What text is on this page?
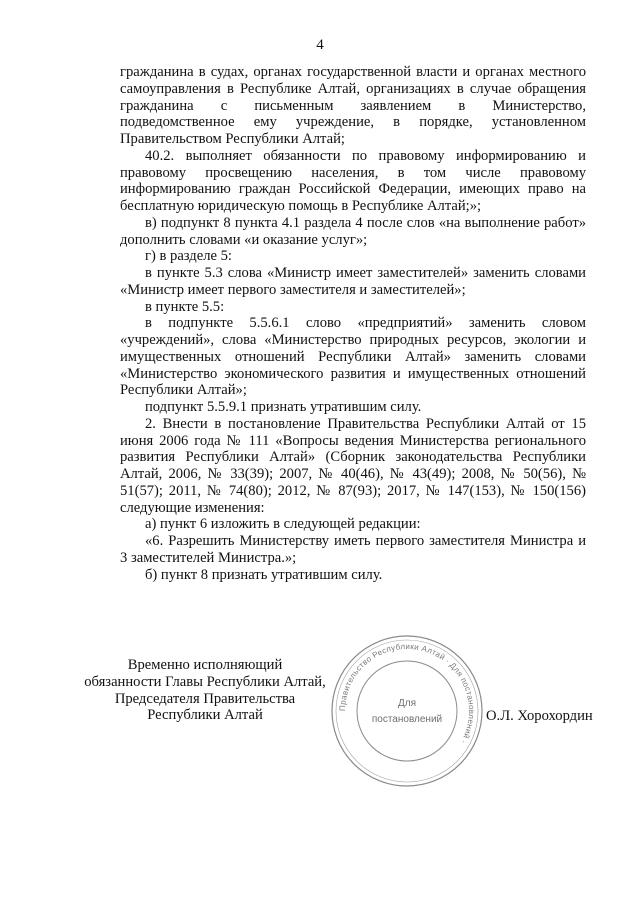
4

гражданина в судах, органах государственной власти и органах местного самоуправления в Республике Алтай, организациях в случае обращения гражданина с письменным заявлением в Министерство, подведомственное ему учреждение, в порядке, установленном Правительством Республики Алтай;

40.2. выполняет обязанности по правовому информированию и правовому просвещению населения, в том числе правовому информированию граждан Российской Федерации, имеющих право на бесплатную юридическую помощь в Республике Алтай;»;

в) подпункт 8 пункта 4.1 раздела 4 после слов «на выполнение работ» дополнить словами «и оказание услуг»;

г) в разделе 5:

в пункте 5.3 слова «Министр имеет заместителей» заменить словами «Министр имеет первого заместителя и заместителей»;

в пункте 5.5:

в подпункте 5.5.6.1 слово «предприятий» заменить словом «учреждений», слова «Министерство природных ресурсов, экологии и имущественных отношений Республики Алтай» заменить словами «Министерство экономического развития и имущественных отношений Республики Алтай»;

подпункт 5.5.9.1 признать утратившим силу.

2. Внести в постановление Правительства Республики Алтай от 15 июня 2006 года № 111 «Вопросы ведения Министерства регионального развития Республики Алтай» (Сборник законодательства Республики Алтай, 2006, № 33(39); 2007, № 40(46), № 43(49); 2008, № 50(56), № 51(57); 2011, № 74(80); 2012, № 87(93); 2017, № 147(153), № 150(156) следующие изменения:

а) пункт 6 изложить в следующей редакции:

«6. Разрешить Министерству иметь первого заместителя Министра и 3 заместителей Министра.»;

б) пункт 8 признать утратившим силу.

Временно исполняющий
обязанности Главы Республики Алтай,
Председателя Правительства
Республики Алтай	О.Л. Хорохордин
Правительство Республики Алтай · Для постановлений ·
Для
постановлений
